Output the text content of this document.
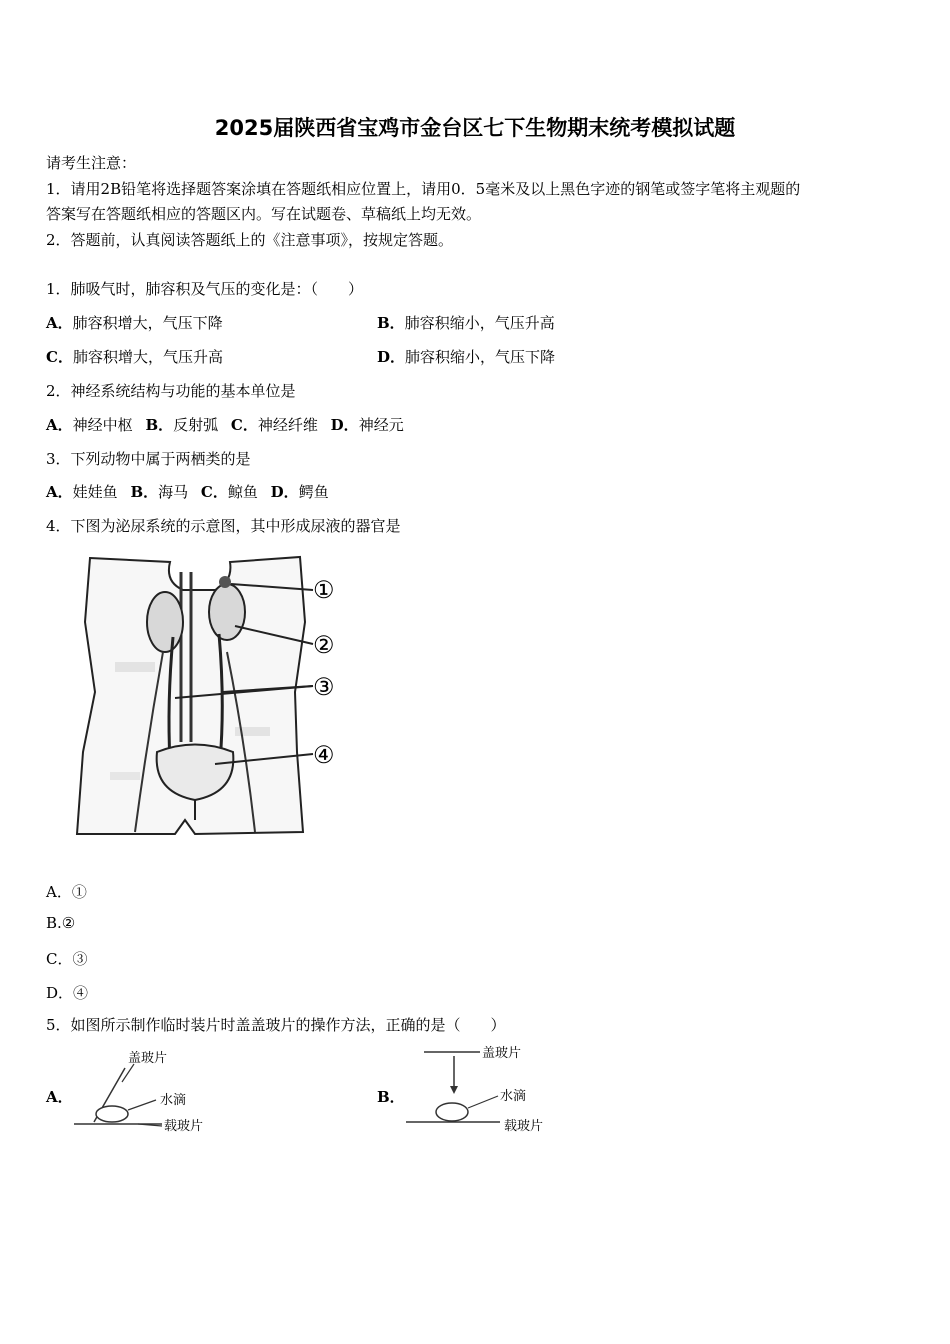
2025届陕西省宝鸡市金台区七下生物期末统考模拟试题
请考生注意：
1．请用2B铅笔将选择题答案涂填在答题纸相应位置上，请用0．5毫米及以上黑色字迹的钢笔或签字笔将主观题的
答案写在答题纸相应的答题区内。写在试题卷、草稿纸上均无效。
2．答题前，认真阅读答题纸上的《注意事项》，按规定答题。
1．肺吸气时，肺容积及气压的变化是：（　　）
A．肺容积增大，气压下降	B．肺容积缩小，气压升高
C．肺容积增大，气压升高	D．肺容积缩小，气压下降
2．神经系统结构与功能的基本单位是
A．神经中枢 B．反射弧 C．神经纤维 D．神经元
3．下列动物中属于两栖类的是
A．娃娃鱼 B．海马 C．鲸鱼 D．鳄鱼
4．下图为泌尿系统的示意图，其中形成尿液的器官是
①
②
③
④
A．①
B.②
C．③
D．④
5．如图所示制作临时装片时盖盖玻片的操作方法，正确的是（　　）
A．
盖玻片
水滴
载玻片
B．
盖玻片
水滴
载玻片
